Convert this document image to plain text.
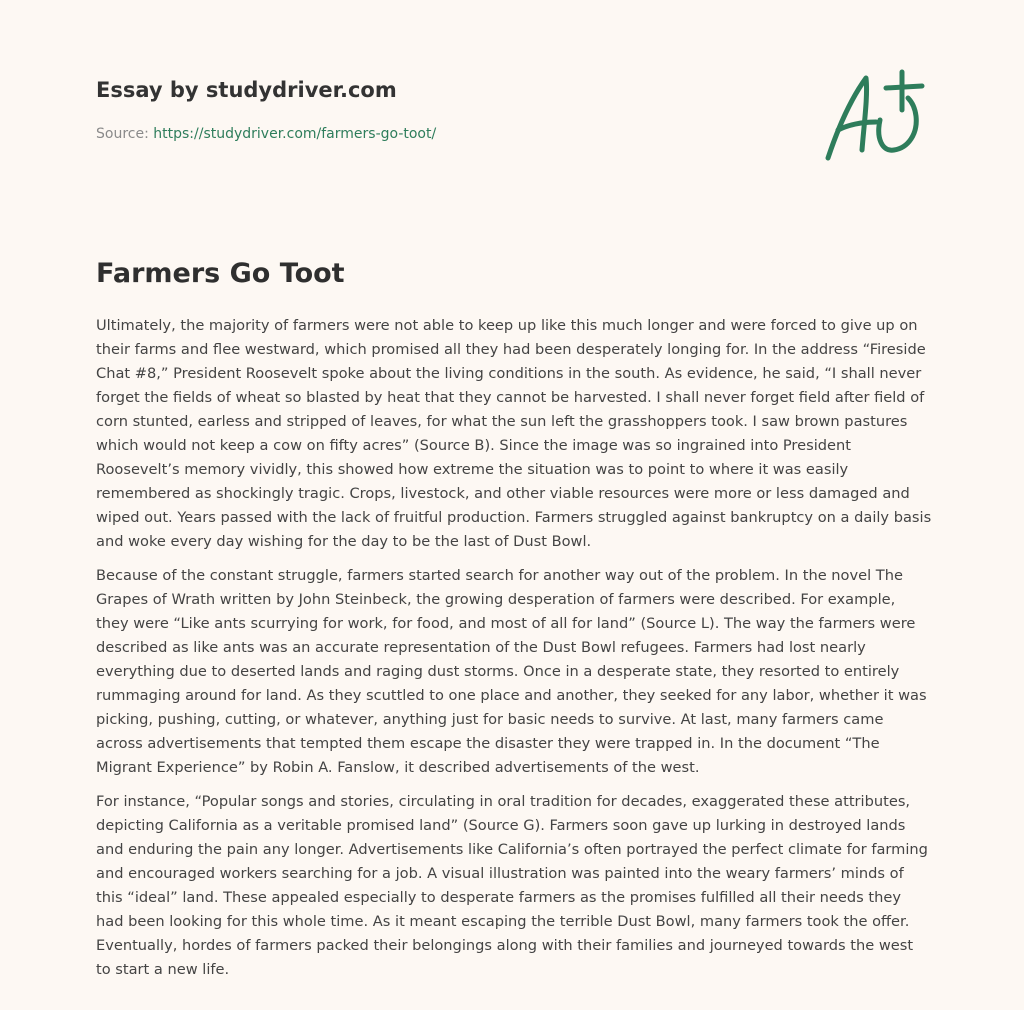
Essay by studydriver.com
Source: https://studydriver.com/farmers-go-toot/
Farmers Go Toot

Ultimately, the majority of farmers were not able to keep up like this much longer and were forced to give up on their farms and flee westward, which promised all they had been desperately longing for. In the address “Fireside Chat #8,” President Roosevelt spoke about the living conditions in the south. As evidence, he said, “I shall never forget the fields of wheat so blasted by heat that they cannot be harvested. I shall never forget field after field of corn stunted, earless and stripped of leaves, for what the sun left the grasshoppers took. I saw brown pastures which would not keep a cow on fifty acres” (Source B). Since the image was so ingrained into President Roosevelt’s memory vividly, this showed how extreme the situation was to point to where it was easily remembered as shockingly tragic. Crops, livestock, and other viable resources were more or less damaged and wiped out. Years passed with the lack of fruitful production. Farmers struggled against bankruptcy on a daily basis and woke every day wishing for the day to be the last of Dust Bowl.

Because of the constant struggle, farmers started search for another way out of the problem. In the novel The Grapes of Wrath written by John Steinbeck, the growing desperation of farmers were described. For example, they were “Like ants scurrying for work, for food, and most of all for land” (Source L). The way the farmers were described as like ants was an accurate representation of the Dust Bowl refugees. Farmers had lost nearly everything due to deserted lands and raging dust storms. Once in a desperate state, they resorted to entirely rummaging around for land. As they scuttled to one place and another, they seeked for any labor, whether it was picking, pushing, cutting, or whatever, anything just for basic needs to survive. At last, many farmers came across advertisements that tempted them escape the disaster they were trapped in. In the document “The Migrant Experience” by Robin A. Fanslow, it described advertisements of the west.

For instance, “Popular songs and stories, circulating in oral tradition for decades, exaggerated these attributes, depicting California as a veritable promised land” (Source G). Farmers soon gave up lurking in destroyed lands and enduring the pain any longer. Advertisements like California’s often portrayed the perfect climate for farming and encouraged workers searching for a job. A visual illustration was painted into the weary farmers’ minds of this “ideal” land. These appealed especially to desperate farmers as the promises fulfilled all their needs they had been looking for this whole time. As it meant escaping the terrible Dust Bowl, many farmers took the offer. Eventually, hordes of farmers packed their belongings along with their families and journeyed towards the west to start a new life.
